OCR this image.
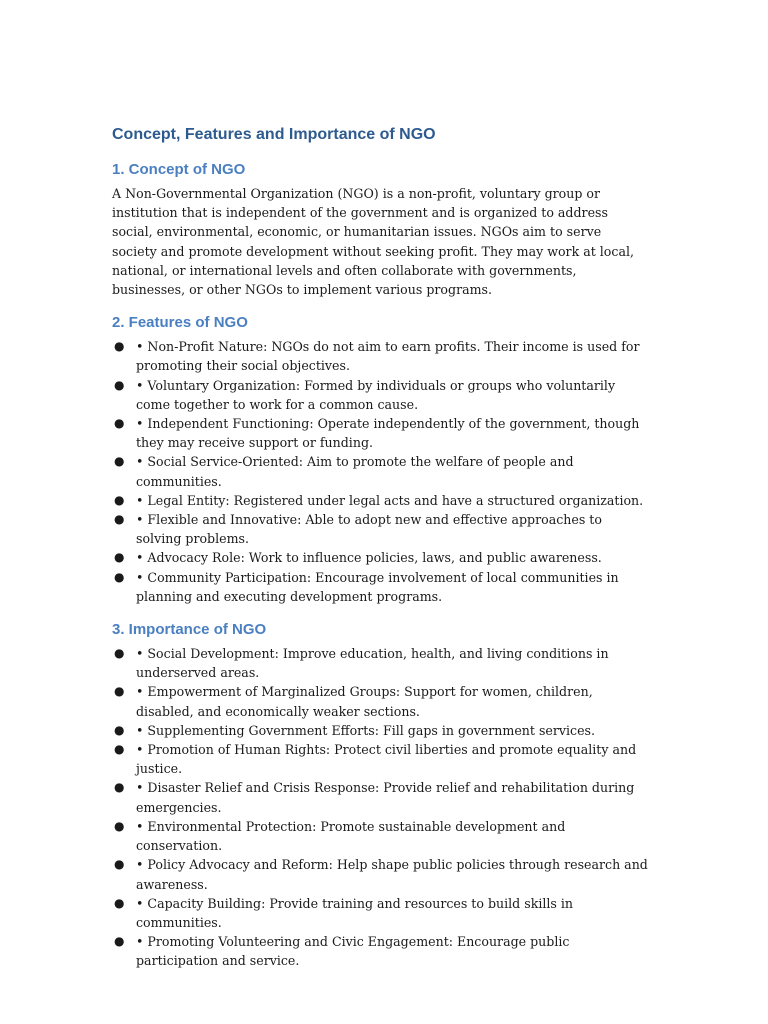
Concept, Features and Importance of NGO
1. Concept of NGO

A Non-Governmental Organization (NGO) is a non-profit, voluntary group or institution that is independent of the government and is organized to address social, environmental, economic, or humanitarian issues. NGOs aim to serve society and promote development without seeking profit. They may work at local, national, or international levels and often collaborate with governments, businesses, or other NGOs to implement various programs.

2. Features of NGO
● • Non-Profit Nature: NGOs do not aim to earn profits. Their income is used for promoting their social objectives.
● • Voluntary Organization: Formed by individuals or groups who voluntarily come together to work for a common cause.
● • Independent Functioning: Operate independently of the government, though they may receive support or funding.
● • Social Service-Oriented: Aim to promote the welfare of people and communities.
● • Legal Entity: Registered under legal acts and have a structured organization.
● • Flexible and Innovative: Able to adopt new and effective approaches to solving problems.
● • Advocacy Role: Work to influence policies, laws, and public awareness.
● • Community Participation: Encourage involvement of local communities in planning and executing development programs.
3. Importance of NGO
● • Social Development: Improve education, health, and living conditions in underserved areas.
● • Empowerment of Marginalized Groups: Support for women, children, disabled, and economically weaker sections.
● • Supplementing Government Efforts: Fill gaps in government services.
● • Promotion of Human Rights: Protect civil liberties and promote equality and justice.
● • Disaster Relief and Crisis Response: Provide relief and rehabilitation during emergencies.
● • Environmental Protection: Promote sustainable development and conservation.
● • Policy Advocacy and Reform: Help shape public policies through research and awareness.
● • Capacity Building: Provide training and resources to build skills in communities.
● • Promoting Volunteering and Civic Engagement: Encourage public participation and service.
